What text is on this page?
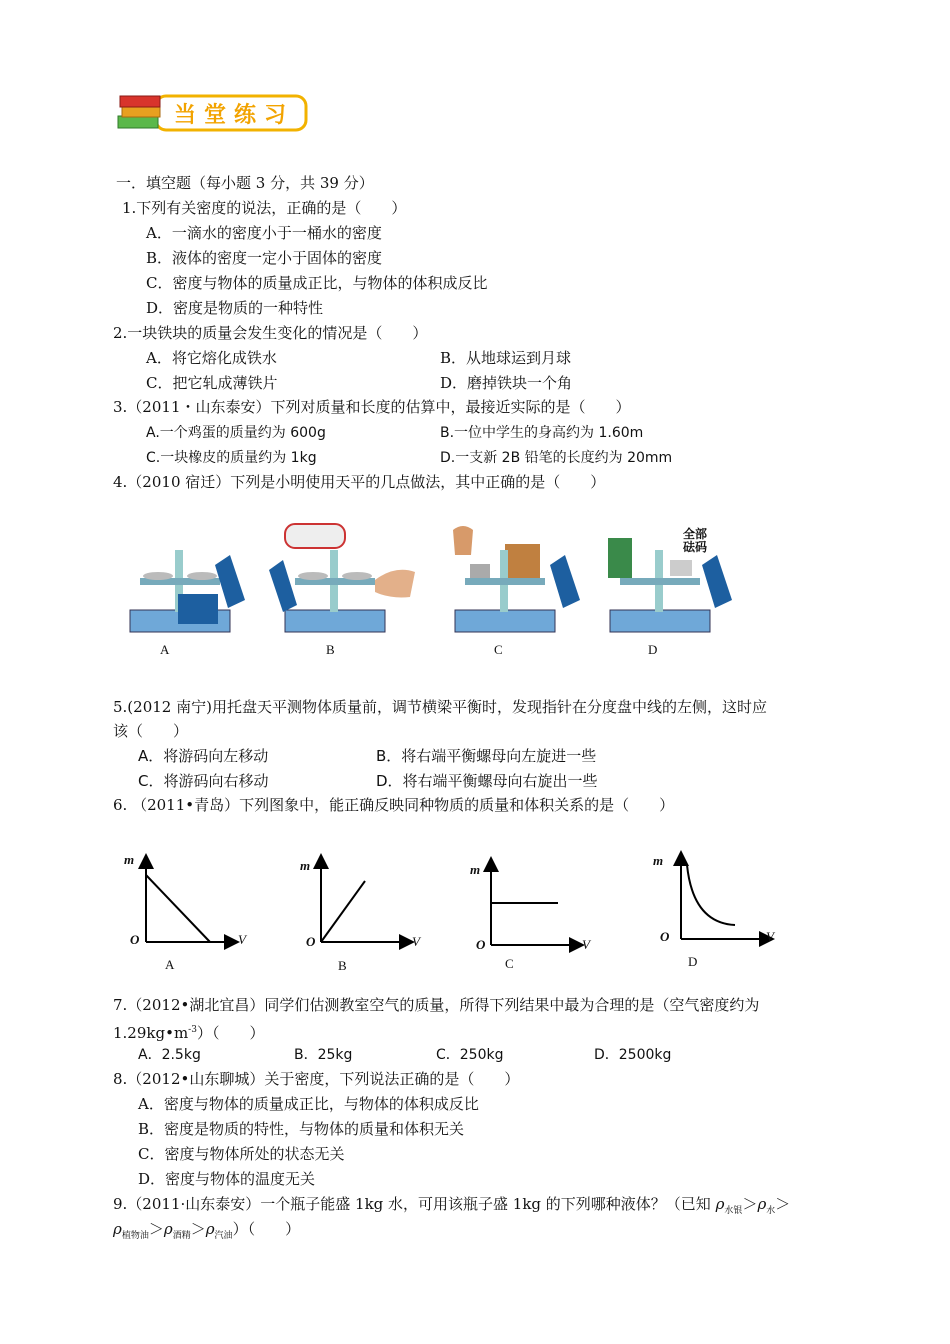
当堂练习
一．填空题（每小题 3 分，共 39 分）
1.下列有关密度的说法，正确的是（　　）
A．一滴水的密度小于一桶水的密度
B．液体的密度一定小于固体的密度
C．密度与物体的质量成正比，与物体的体积成反比
D．密度是物质的一种特性
2.一块铁块的质量会发生变化的情况是（　　）
A．将它熔化成铁水	B．从地球运到月球
C．把它轧成薄铁片	D．磨掉铁块一个角
3.（2011・山东泰安）下列对质量和长度的估算中，最接近实际的是（　　）
A.一个鸡蛋的质量约为 600g	B.一位中学生的身高约为 1.60m
C.一块橡皮的质量约为 1kg	D.一支新 2B 铅笔的长度约为 20mm
4.（2010 宿迁）下列是小明使用天平的几点做法，其中正确的是（　　）
全部砝码
A	B	C	D
5.(2012 南宁)用托盘天平测物体质量前，调节横梁平衡时，发现指针在分度盘中线的左侧，这时应
该（　　）
A．将游码向左移动	B．将右端平衡螺母向左旋进一些
C．将游码向右移动	D．将右端平衡螺母向右旋出一些
6. （2011•青岛）下列图象中，能正确反映同种物质的质量和体积关系的是（　　）
m
O	V
A
m
O	V
B
m
O	V
C
m
O	V
D
7.（2012•湖北宜昌）同学们估测教室空气的质量，所得下列结果中最为合理的是（空气密度约为
$1.29kg•m^{-3}$）（　　）
A．2.5kg	B．25kg	C．250kg	D．2500kg
8.（2012•山东聊城）关于密度，下列说法正确的是（　　）
A．密度与物体的质量成正比，与物体的体积成反比
B．密度是物质的特性，与物体的质量和体积无关
C．密度与物体所处的状态无关
D．密度与物体的温度无关
9.（2011·山东泰安）一个瓶子能盛 1kg 水，可用该瓶子盛 1kg 的下列哪种液体？（已知 $\rho_{水银}>\rho_水>$
$\rho_{植物油}>\rho_{酒精}>\rho_{汽油}$）（　　）
